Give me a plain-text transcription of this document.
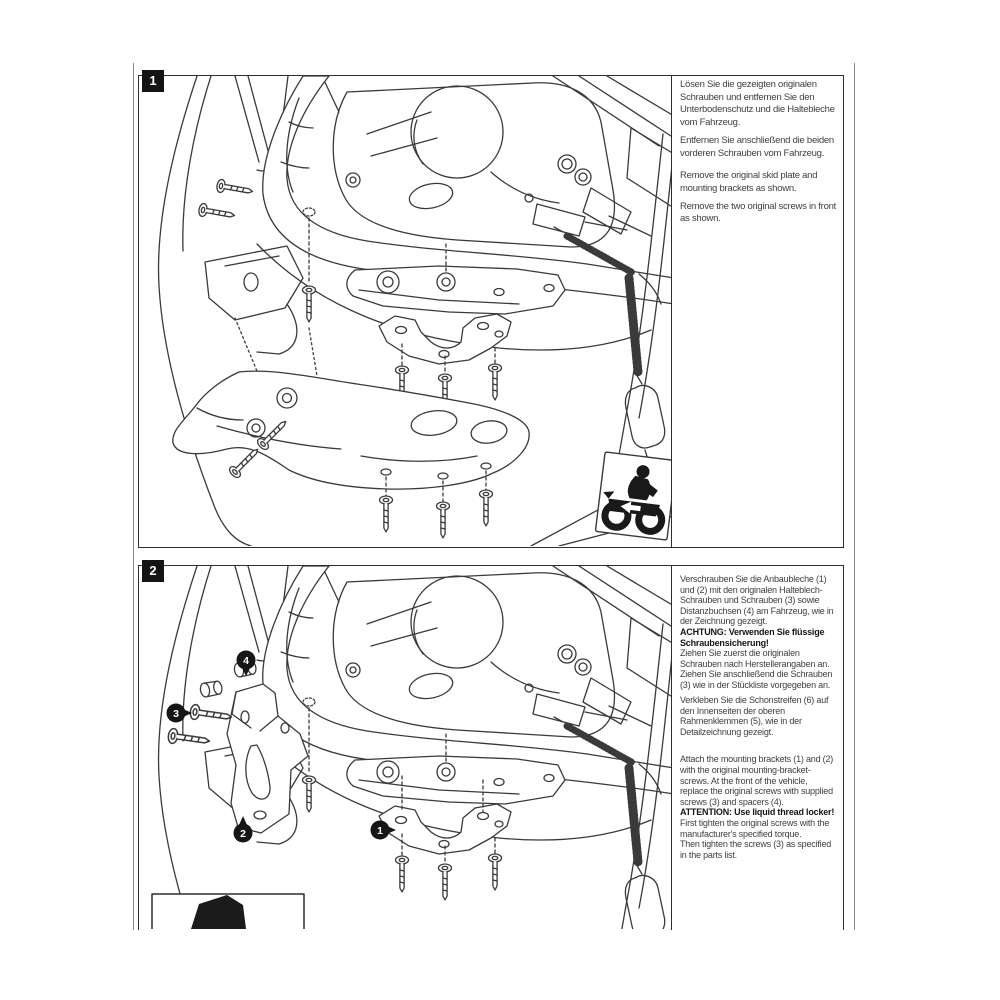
1	Lösen Sie die gezeigten originalen Schrauben und entfernen Sie den Unterbodenschutz und die Haltebleche vom Fahrzeug.

Entfernen Sie anschließend die beiden vorderen Schrauben vom Fahrzeug.

Remove the original skid plate and mounting brackets as shown.

Remove the two original screws in front as shown.

2
4
3
2	1

Verschrauben Sie die Anbaubleche (1) und (2) mit den originalen Halteblech-Schrauben und Schrauben (3) sowie Distanzbuchsen (4) am Fahrzeug, wie in der Zeichnung gezeigt.

ACHTUNG: Verwenden Sie flüssige Schraubensicherung!

Ziehen Sie zuerst die originalen Schrauben nach Herstellerangaben an.

Ziehen Sie anschließend die Schrauben (3) wie in der Stückliste vorgegeben an.

Verkleben Sie die Schonstreifen (6) auf den Innenseiten der oberen Rahmenklemmen (5), wie in der Detailzeichnung gezeigt.

Attach the mounting brackets (1) and (2) with the original mounting-bracket-screws. At the front of the vehicle, replace the original screws with supplied screws (3) and spacers (4).

ATTENTION: Use liquid thread locker!

First tighten the original screws with the manufacturer's specified torque.

Then tighten the screws (3) as specified in the parts list.
